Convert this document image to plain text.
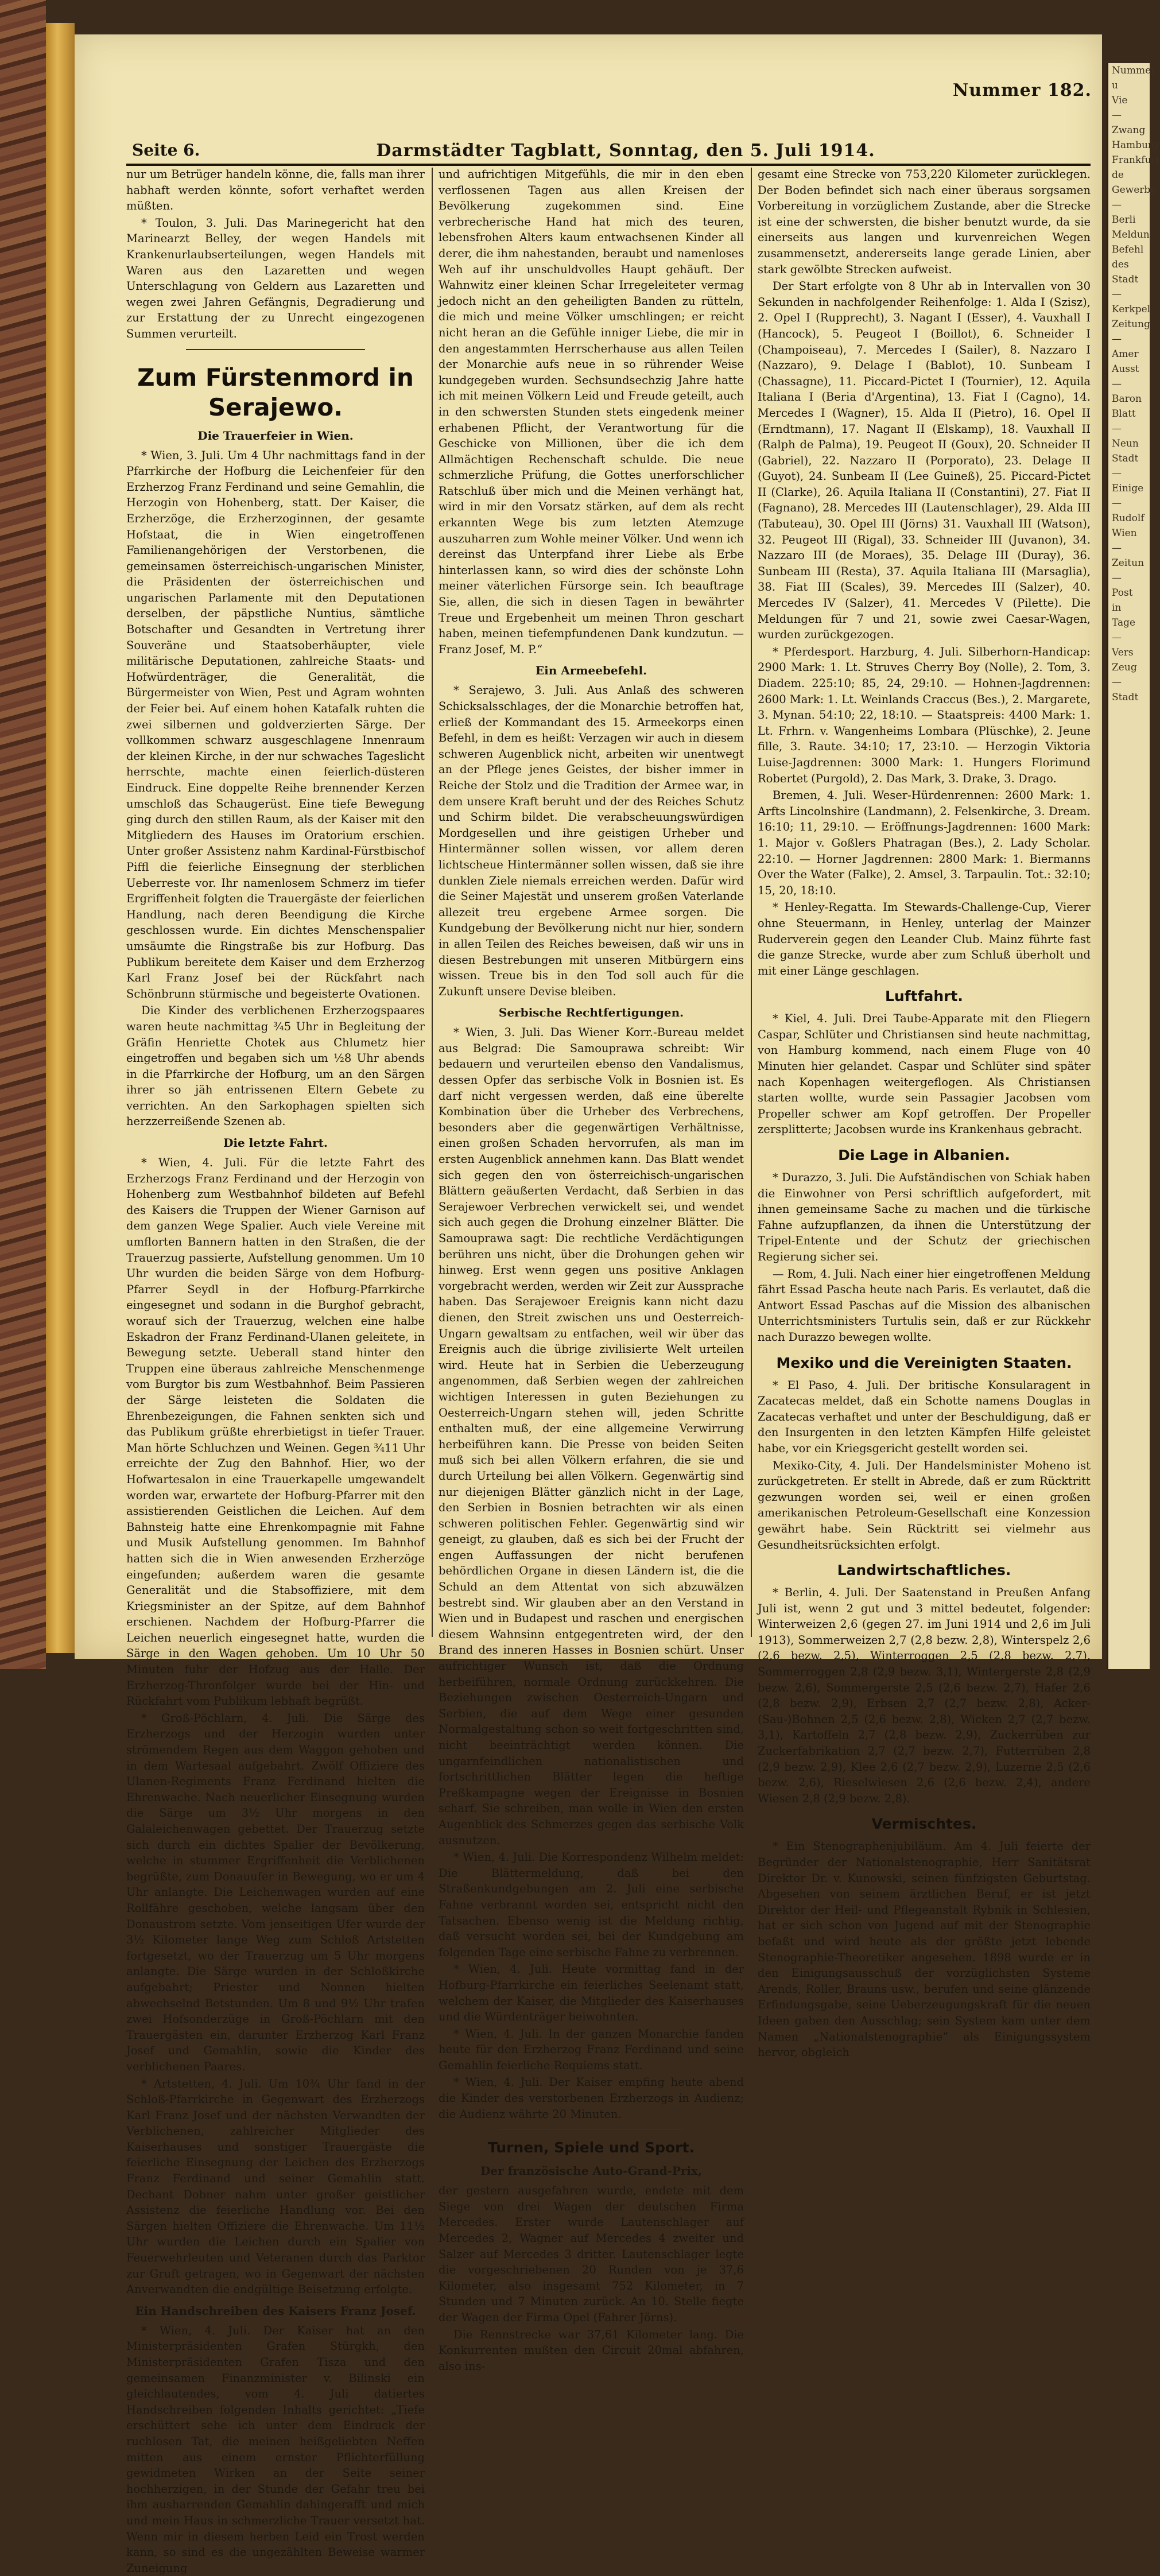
Nummer
u
Vie
—
Zwang
Hamburg
Frankfurt
de
Gewerbe
—
Berli
Meldun
Befehl
des
Stadt
—
Kerkpel
Zeitung
—
Amer
Ausst
—
Baron
Blatt
—
Neun
Stadt
—
Einige
—
Rudolf
Wien
—
Zeitun
—
Post
in
Tage
—
Vers
Zeug
—
Stadt
Nummer 182.
Seite 6.	Darmstädter Tagblatt, Sonntag, den 5. Juli 1914.

nur um Betrüger handeln könne, die, falls man ihrer habhaft werden könnte, sofort verhaftet werden müßten.

* Toulon, 3. Juli. Das Marinegericht hat den Marinearzt Belley, der wegen Handels mit Krankenurlaubserteilungen, wegen Handels mit Waren aus den Lazaretten und wegen Unterschlagung von Geldern aus Lazaretten und wegen zwei Jahren Gefängnis, Degradierung und zur Erstattung der zu Unrecht eingezogenen Summen verurteilt.

Zum Fürstenmord in Serajewo.
Die Trauerfeier in Wien.

* Wien, 3. Juli. Um 4 Uhr nachmittags fand in der Pfarrkirche der Hofburg die Leichenfeier für den Erzherzog Franz Ferdinand und seine Gemahlin, die Herzogin von Hohenberg, statt. Der Kaiser, die Erzherzöge, die Erzherzoginnen, der gesamte Hofstaat, die in Wien eingetroffenen Familienangehörigen der Verstorbenen, die gemeinsamen österreichisch-ungarischen Minister, die Präsidenten der österreichischen und ungarischen Parlamente mit den Deputationen derselben, der päpstliche Nuntius, sämtliche Botschafter und Gesandten in Vertretung ihrer Souveräne und Staatsoberhäupter, viele militärische Deputationen, zahlreiche Staats- und Hofwürdenträger, die Generalität, die Bürgermeister von Wien, Pest und Agram wohnten der Feier bei. Auf einem hohen Katafalk ruhten die zwei silbernen und goldverzierten Särge. Der vollkommen schwarz ausgeschlagene Innenraum der kleinen Kirche, in der nur schwaches Tageslicht herrschte, machte einen feierlich-düsteren Eindruck. Eine doppelte Reihe brennender Kerzen umschloß das Schaugerüst. Eine tiefe Bewegung ging durch den stillen Raum, als der Kaiser mit den Mitgliedern des Hauses im Oratorium erschien. Unter großer Assistenz nahm Kardinal-Fürstbischof Piffl die feierliche Einsegnung der sterblichen Ueberreste vor. Ihr namenlosem Schmerz im tiefer Ergriffenheit folgten die Trauergäste der feierlichen Handlung, nach deren Beendigung die Kirche geschlossen wurde. Ein dichtes Menschenspalier umsäumte die Ringstraße bis zur Hofburg. Das Publikum bereitete dem Kaiser und dem Erzherzog Karl Franz Josef bei der Rückfahrt nach Schönbrunn stürmische und begeisterte Ovationen.

Die Kinder des verblichenen Erzherzogspaares waren heute nachmittag ¾5 Uhr in Begleitung der Gräfin Henriette Chotek aus Chlumetz hier eingetroffen und begaben sich um ½8 Uhr abends in die Pfarrkirche der Hofburg, um an den Särgen ihrer so jäh entrissenen Eltern Gebete zu verrichten. An den Sarkophagen spielten sich herzzerreißende Szenen ab.

Die letzte Fahrt.

* Wien, 4. Juli. Für die letzte Fahrt des Erzherzogs Franz Ferdinand und der Herzogin von Hohenberg zum Westbahnhof bildeten auf Befehl des Kaisers die Truppen der Wiener Garnison auf dem ganzen Wege Spalier. Auch viele Vereine mit umflorten Bannern hatten in den Straßen, die der Trauerzug passierte, Aufstellung genommen. Um 10 Uhr wurden die beiden Särge von dem Hofburg-Pfarrer Seydl in der Hofburg-Pfarrkirche eingesegnet und sodann in die Burghof gebracht, worauf sich der Trauerzug, welchen eine halbe Eskadron der Franz Ferdinand-Ulanen geleitete, in Bewegung setzte. Ueberall stand hinter den Truppen eine überaus zahlreiche Menschenmenge vom Burgtor bis zum Westbahnhof. Beim Passieren der Särge leisteten die Soldaten die Ehrenbezeigungen, die Fahnen senkten sich und das Publikum grüßte ehrerbietigst in tiefer Trauer. Man hörte Schluchzen und Weinen. Gegen ¾11 Uhr erreichte der Zug den Bahnhof. Hier, wo der Hofwartesalon in eine Trauerkapelle umgewandelt worden war, erwartete der Hofburg-Pfarrer mit den assistierenden Geistlichen die Leichen. Auf dem Bahnsteig hatte eine Ehrenkompagnie mit Fahne und Musik Aufstellung genommen. Im Bahnhof hatten sich die in Wien anwesenden Erzherzöge eingefunden; außerdem waren die gesamte Generalität und die Stabsoffiziere, mit dem Kriegsminister an der Spitze, auf dem Bahnhof erschienen. Nachdem der Hofburg-Pfarrer die Leichen neuerlich eingesegnet hatte, wurden die Särge in den Wagen gehoben. Um 10 Uhr 50 Minuten fuhr der Hofzug aus der Halle. Der Erzherzog-Thronfolger wurde bei der Hin- und Rückfahrt vom Publikum lebhaft begrüßt.

* Groß-Pöchlarn, 4. Juli. Die Särge des Erzherzogs und der Herzogin wurden unter strömendem Regen aus dem Waggon gehoben und in dem Wartesaal aufgebahrt. Zwölf Offiziere des Ulanen-Regiments Franz Ferdinand hielten die Ehrenwache. Nach neuerlicher Einsegnung wurden die Särge um 3½ Uhr morgens in den Galaleichenwagen gebettet. Der Trauerzug setzte sich durch ein dichtes Spalier der Bevölkerung, welche in stummer Ergriffenheit die Verblichenen begrüßte, zum Donauufer in Bewegung, wo er um 4 Uhr anlangte. Die Leichenwagen wurden auf eine Rollfähre geschoben, welche langsam über den Donaustrom setzte. Vom jenseitigen Ufer wurde der 3½ Kilometer lange Weg zum Schloß Artstetten fortgesetzt, wo der Trauerzug um 5 Uhr morgens anlangte. Die Särge wurden in der Schloßkirche aufgebahrt; Priester und Nonnen hielten abwechselnd Betstunden. Um 8 und 9½ Uhr trafen zwei Hofsonderzüge in Groß-Pöchlarn mit den Trauergästen ein, darunter Erzherzog Karl Franz Josef und Gemahlin, sowie die Kinder des verblichenen Paares.

* Artstetten, 4. Juli. Um 10¾ Uhr fand in der Schloß-Pfarrkirche in Gegenwart des Erzherzogs Karl Franz Josef und der nächsten Verwandten der Verblichenen, zahlreicher Mitglieder des Kaiserhauses und sonstiger Trauergäste die feierliche Einsegnung der Leichen des Erzherzogs Franz Ferdinand und seiner Gemahlin statt. Dechant Dobner nahm unter großer geistlicher Assistenz die feierliche Handlung vor. Bei den Särgen hielten Offiziere die Ehrenwache. Um 11½ Uhr wurden die Leichen durch ein Spalier von Feuerwehrleuten und Veteranen durch das Parktor zur Gruft getragen, wo in Gegenwart der nächsten Anverwandten die endgültige Beisetzung erfolgte.

Ein Handschreiben des Kaisers Franz Josef.

* Wien, 4. Juli. Der Kaiser hat an den Ministerpräsidenten Grafen Stürgkh, den Ministerpräsidenten Grafen Tisza und den gemeinsamen Finanzminister v. Bilinski ein gleichlautendes, vom 4. Juli datiertes Handschreiben folgenden Inhalts gerichtet: „Tiefe erschüttert sehe ich unter dem Eindruck der ruchlosen Tat, die meinen heißgeliebten Neffen mitten aus einem ernster Pflichterfüllung gewidmeten Wirken an der Seite seiner hochherzigen, in der Stunde der Gefahr treu bei ihm ausharrenden Gemahlin dahingerafft und mich und mein Haus in schmerzliche Trauer versetzt hat. Wenn mir in diesem herben Leid ein Trost werden kann, so sind es die ungezählten Beweise warmer Zuneigung

und aufrichtigen Mitgefühls, die mir in den eben verflossenen Tagen aus allen Kreisen der Bevölkerung zugekommen sind. Eine verbrecherische Hand hat mich des teuren, lebensfrohen Alters kaum entwachsenen Kinder all derer, die ihm nahestanden, beraubt und namenloses Weh auf ihr unschuldvolles Haupt gehäuft. Der Wahnwitz einer kleinen Schar Irregeleiteter vermag jedoch nicht an den geheiligten Banden zu rütteln, die mich und meine Völker umschlingen; er reicht nicht heran an die Gefühle inniger Liebe, die mir in den angestammten Herrscherhause aus allen Teilen der Monarchie aufs neue in so rührender Weise kundgegeben wurden. Sechsundsechzig Jahre hatte ich mit meinen Völkern Leid und Freude geteilt, auch in den schwersten Stunden stets eingedenk meiner erhabenen Pflicht, der Verantwortung für die Geschicke von Millionen, über die ich dem Allmächtigen Rechenschaft schulde. Die neue schmerzliche Prüfung, die Gottes unerforschlicher Ratschluß über mich und die Meinen verhängt hat, wird in mir den Vorsatz stärken, auf dem als recht erkannten Wege bis zum letzten Atemzuge auszuharren zum Wohle meiner Völker. Und wenn ich dereinst das Unterpfand ihrer Liebe als Erbe hinterlassen kann, so wird dies der schönste Lohn meiner väterlichen Fürsorge sein. Ich beauftrage Sie, allen, die sich in diesen Tagen in bewährter Treue und Ergebenheit um meinen Thron geschart haben, meinen tiefempfundenen Dank kundzutun. — Franz Josef, M. P.“

Ein Armeebefehl.

* Serajewo, 3. Juli. Aus Anlaß des schweren Schicksalsschlages, der die Monarchie betroffen hat, erließ der Kommandant des 15. Armeekorps einen Befehl, in dem es heißt: Verzagen wir auch in diesem schweren Augenblick nicht, arbeiten wir unentwegt an der Pflege jenes Geistes, der bisher immer in Reiche der Stolz und die Tradition der Armee war, in dem unsere Kraft beruht und der des Reiches Schutz und Schirm bildet. Die verabscheuungswürdigen Mordgesellen und ihre geistigen Urheber und Hintermänner sollen wissen, vor allem deren lichtscheue Hintermänner sollen wissen, daß sie ihre dunklen Ziele niemals erreichen werden. Dafür wird die Seiner Majestät und unserem großen Vaterlande allezeit treu ergebene Armee sorgen. Die Kundgebung der Bevölkerung nicht nur hier, sondern in allen Teilen des Reiches beweisen, daß wir uns in diesen Bestrebungen mit unseren Mitbürgern eins wissen. Treue bis in den Tod soll auch für die Zukunft unsere Devise bleiben.

Serbische Rechtfertigungen.

* Wien, 3. Juli. Das Wiener Korr.-Bureau meldet aus Belgrad: Die Samouprawa schreibt: Wir bedauern und verurteilen ebenso den Vandalismus, dessen Opfer das serbische Volk in Bosnien ist. Es darf nicht vergessen werden, daß eine überelte Kombination über die Urheber des Verbrechens, besonders aber die gegenwärtigen Verhältnisse, einen großen Schaden hervorrufen, als man im ersten Augenblick annehmen kann. Das Blatt wendet sich gegen den von österreichisch-ungarischen Blättern geäußerten Verdacht, daß Serbien in das Serajewoer Verbrechen verwickelt sei, und wendet sich auch gegen die Drohung einzelner Blätter. Die Samouprawa sagt: Die rechtliche Verdächtigungen berühren uns nicht, über die Drohungen gehen wir hinweg. Erst wenn gegen uns positive Anklagen vorgebracht werden, werden wir Zeit zur Aussprache haben. Das Serajewoer Ereignis kann nicht dazu dienen, den Streit zwischen uns und Oesterreich-Ungarn gewaltsam zu entfachen, weil wir über das Ereignis auch die übrige zivilisierte Welt urteilen wird. Heute hat in Serbien die Ueberzeugung angenommen, daß Serbien wegen der zahlreichen wichtigen Interessen in guten Beziehungen zu Oesterreich-Ungarn stehen will, jeden Schritte enthalten muß, der eine allgemeine Verwirrung herbeiführen kann. Die Presse von beiden Seiten muß sich bei allen Völkern erfahren, die sie und durch Urteilung bei allen Völkern. Gegenwärtig sind nur diejenigen Blätter gänzlich nicht in der Lage, den Serbien in Bosnien betrachten wir als einen schweren politischen Fehler. Gegenwärtig sind wir geneigt, zu glauben, daß es sich bei der Frucht der engen Auffassungen der nicht berufenen behördlichen Organe in diesen Ländern ist, die die Schuld an dem Attentat von sich abzuwälzen bestrebt sind. Wir glauben aber an den Verstand in Wien und in Budapest und raschen und energischen diesem Wahnsinn entgegentreten wird, der den Brand des inneren Hasses in Bosnien schürt. Unser aufrichtiger Wunsch ist, daß die Ordnung herbeiführen, normale Ordnung zurückkehren. Die Beziehungen zwischen Oesterreich-Ungarn und Serbien, die auf dem Wege einer gesunden Normalgestaltung schon so weit fortgeschritten sind, nicht beeinträchtigt werden können. Die ungarnfeindlichen nationalistischen und fortschrittlichen Blätter legen die heftige Preßkampagne wegen der Ereignisse in Bosnien scharf. Sie schreiben, man wolle in Wien den ersten Augenblick des Schmerzes gegen das serbische Volk ausnutzen.

* Wien, 4. Juli. Die Korrespondenz Wilhelm meldet: Die Blättermeldung, daß bei den Straßenkundgebungen am 2. Juli eine serbische Fahne verbrannt worden sei, entspricht nicht den Tatsachen. Ebenso wenig ist die Meldung richtig, daß versucht worden sei, bei der Kundgebung am folgenden Tage eine serbische Fahne zu verbrennen.

* Wien, 4. Juli. Heute vormittag fand in der Hofburg-Pfarrkirche ein feierliches Seelenamt statt, welchem der Kaiser, die Mitglieder des Kaiserhauses und die Würdenträger beiwohnten.

* Wien, 4. Juli. In der ganzen Monarchie fanden heute für den Erzherzog Franz Ferdinand und seine Gemahlin feierliche Requiems statt.

* Wien, 4. Juli. Der Kaiser empfing heute abend die Kinder des verstorbenen Erzherzogs in Audienz; die Audienz währte 20 Minuten.

Turnen, Spiele und Sport.
Der französische Auto-Grand-Prix,

der gestern ausgefahren wurde, endete mit dem Siege von drei Wagen der deutschen Firma Mercedes. Erster wurde Lautenschlager auf Mercedes 2, Wagner auf Mercedes 4 zweiter und Salzer auf Mercedes 3 dritter. Lautenschlager legte die vorgeschriebenen 20 Runden von je 37,6 Kilometer, also insgesamt 752 Kilometer, in 7 Stunden und 7 Minuten zurück. An 10. Stelle fiegte der Wagen der Firma Opel (Fahrer Jörns).

Die Rennstrecke war 37,61 Kilometer lang. Die Konkurrenten mußten den Circuit 20mal abfahren, also ins-

gesamt eine Strecke von 753,220 Kilometer zurücklegen. Der Boden befindet sich nach einer überaus sorgsamen Vorbereitung in vorzüglichem Zustande, aber die Strecke ist eine der schwersten, die bisher benutzt wurde, da sie einerseits aus langen und kurvenreichen Wegen zusammensetzt, andererseits lange gerade Linien, aber stark gewölbte Strecken aufweist.

Der Start erfolgte von 8 Uhr ab in Intervallen von 30 Sekunden in nachfolgender Reihenfolge: 1. Alda I (Szisz), 2. Opel I (Rupprecht), 3. Nagant I (Esser), 4. Vauxhall I (Hancock), 5. Peugeot I (Boillot), 6. Schneider I (Champoiseau), 7. Mercedes I (Sailer), 8. Nazzaro I (Nazzaro), 9. Delage I (Bablot), 10. Sunbeam I (Chassagne), 11. Piccard-Pictet I (Tournier), 12. Aquila Italiana I (Beria d'Argentina), 13. Fiat I (Cagno), 14. Mercedes I (Wagner), 15. Alda II (Pietro), 16. Opel II (Erndtmann), 17. Nagant II (Elskamp), 18. Vauxhall II (Ralph de Palma), 19. Peugeot II (Goux), 20. Schneider II (Gabriel), 22. Nazzaro II (Porporato), 23. Delage II (Guyot), 24. Sunbeam II (Lee Guineß), 25. Piccard-Pictet II (Clarke), 26. Aquila Italiana II (Constantini), 27. Fiat II (Fagnano), 28. Mercedes III (Lautenschlager), 29. Alda III (Tabuteau), 30. Opel III (Jörns) 31. Vauxhall III (Watson), 32. Peugeot III (Rigal), 33. Schneider III (Juvanon), 34. Nazzaro III (de Moraes), 35. Delage III (Duray), 36. Sunbeam III (Resta), 37. Aquila Italiana III (Marsaglia), 38. Fiat III (Scales), 39. Mercedes III (Salzer), 40. Mercedes IV (Salzer), 41. Mercedes V (Pilette). Die Meldungen für 7 und 21, sowie zwei Caesar-Wagen, wurden zurückgezogen.

* Pferdesport. Harzburg, 4. Juli. Silberhorn-Handicap: 2900 Mark: 1. Lt. Struves Cherry Boy (Nolle), 2. Tom, 3. Diadem. 225:10; 85, 24, 29:10. — Hohnen-Jagdrennen: 2600 Mark: 1. Lt. Weinlands Craccus (Bes.), 2. Margarete, 3. Mynan. 54:10; 22, 18:10. — Staatspreis: 4400 Mark: 1. Lt. Frhrn. v. Wangenheims Lombara (Plüschke), 2. Jeune fille, 3. Raute. 34:10; 17, 23:10. — Herzogin Viktoria Luise-Jagdrennen: 3000 Mark: 1. Hungers Florimund Robertet (Purgold), 2. Das Mark, 3. Drake, 3. Drago.

Bremen, 4. Juli. Weser-Hürdenrennen: 2600 Mark: 1. Arfts Lincolnshire (Landmann), 2. Felsenkirche, 3. Dream. 16:10; 11, 29:10. — Eröffnungs-Jagdrennen: 1600 Mark: 1. Major v. Goßlers Phatragan (Bes.), 2. Lady Scholar. 22:10. — Horner Jagdrennen: 2800 Mark: 1. Biermanns Over the Water (Falke), 2. Amsel, 3. Tarpaulin. Tot.: 32:10; 15, 20, 18:10.

* Henley-Regatta. Im Stewards-Challenge-Cup, Vierer ohne Steuermann, in Henley, unterlag der Mainzer Ruderverein gegen den Leander Club. Mainz führte fast die ganze Strecke, wurde aber zum Schluß überholt und mit einer Länge geschlagen.

Luftfahrt.

* Kiel, 4. Juli. Drei Taube-Apparate mit den Fliegern Caspar, Schlüter und Christiansen sind heute nachmittag, von Hamburg kommend, nach einem Fluge von 40 Minuten hier gelandet. Caspar und Schlüter sind später nach Kopenhagen weitergeflogen. Als Christiansen starten wollte, wurde sein Passagier Jacobsen vom Propeller schwer am Kopf getroffen. Der Propeller zersplitterte; Jacobsen wurde ins Krankenhaus gebracht.

Die Lage in Albanien.

* Durazzo, 3. Juli. Die Aufständischen von Schiak haben die Einwohner von Persi schriftlich aufgefordert, mit ihnen gemeinsame Sache zu machen und die türkische Fahne aufzupflanzen, da ihnen die Unterstützung der Tripel-Entente und der Schutz der griechischen Regierung sicher sei.

— Rom, 4. Juli. Nach einer hier eingetroffenen Meldung fährt Essad Pascha heute nach Paris. Es verlautet, daß die Antwort Essad Paschas auf die Mission des albanischen Unterrichtsministers Turtulis sein, daß er zur Rückkehr nach Durazzo bewegen wollte.

Mexiko und die Vereinigten Staaten.

* El Paso, 4. Juli. Der britische Konsularagent in Zacatecas meldet, daß ein Schotte namens Douglas in Zacatecas verhaftet und unter der Beschuldigung, daß er den Insurgenten in den letzten Kämpfen Hilfe geleistet habe, vor ein Kriegsgericht gestellt worden sei.

Mexiko-City, 4. Juli. Der Handelsminister Moheno ist zurückgetreten. Er stellt in Abrede, daß er zum Rücktritt gezwungen worden sei, weil er einen großen amerikanischen Petroleum-Gesellschaft eine Konzession gewährt habe. Sein Rücktritt sei vielmehr aus Gesundheitsrücksichten erfolgt.

Landwirtschaftliches.

* Berlin, 4. Juli. Der Saatenstand in Preußen Anfang Juli ist, wenn 2 gut und 3 mittel bedeutet, folgender: Winterweizen 2,6 (gegen 27. im Juni 1914 und 2,6 im Juli 1913), Sommerweizen 2,7 (2,8 bezw. 2,8), Winterspelz 2,6 (2,6 bezw. 2,5), Winterroggen 2,5 (2,8 bezw. 2,7), Sommerroggen 2,8 (2,9 bezw. 3,1), Wintergerste 2,8 (2,9 bezw. 2,6), Sommergerste 2,5 (2,6 bezw. 2,7), Hafer 2,6 (2,8 bezw. 2,9), Erbsen 2,7 (2,7 bezw. 2,8), Acker-(Sau-)Bohnen 2,5 (2,6 bezw. 2,8), Wicken 2,7 (2,7 bezw. 3,1), Kartoffeln 2,7 (2,8 bezw. 2,9), Zuckerrüben zur Zuckerfabrikation 2,7 (2,7 bezw. 2,7), Futterrüben 2,8 (2,9 bezw. 2,9), Klee 2,6 (2,7 bezw. 2,9), Luzerne 2,5 (2,6 bezw. 2,6), Rieselwiesen 2,6 (2,6 bezw. 2,4), andere Wiesen 2,8 (2,9 bezw. 2,8).

Vermischtes.

* Ein Stenographenjubiläum. Am 4. Juli feierte der Begründer der Nationalstenographie, Herr Sanitätsrat Direktor Dr. v. Kunowski, seinen fünfzigsten Geburtstag. Abgesehen von seinem ärztlichen Beruf, er ist jetzt Direktor der Heil- und Pflegeanstalt Rybnik in Schlesien, hat er sich schon von Jugend auf mit der Stenographie befaßt und wird heute als der größte jetzt lebende Stenographie-Theoretiker angesehen. 1898 wurde er in den Einigungsausschuß der vorzüglichsten Systeme Arends, Roller, Brauns usw., berufen und seine glänzende Erfindungsgabe, seine Ueberzeugungskraft für die neuen Ideen gaben den Ausschlag; sein System kam unter dem Namen „Nationalstenographie“ als Einigungssystem hervor, obgleich
